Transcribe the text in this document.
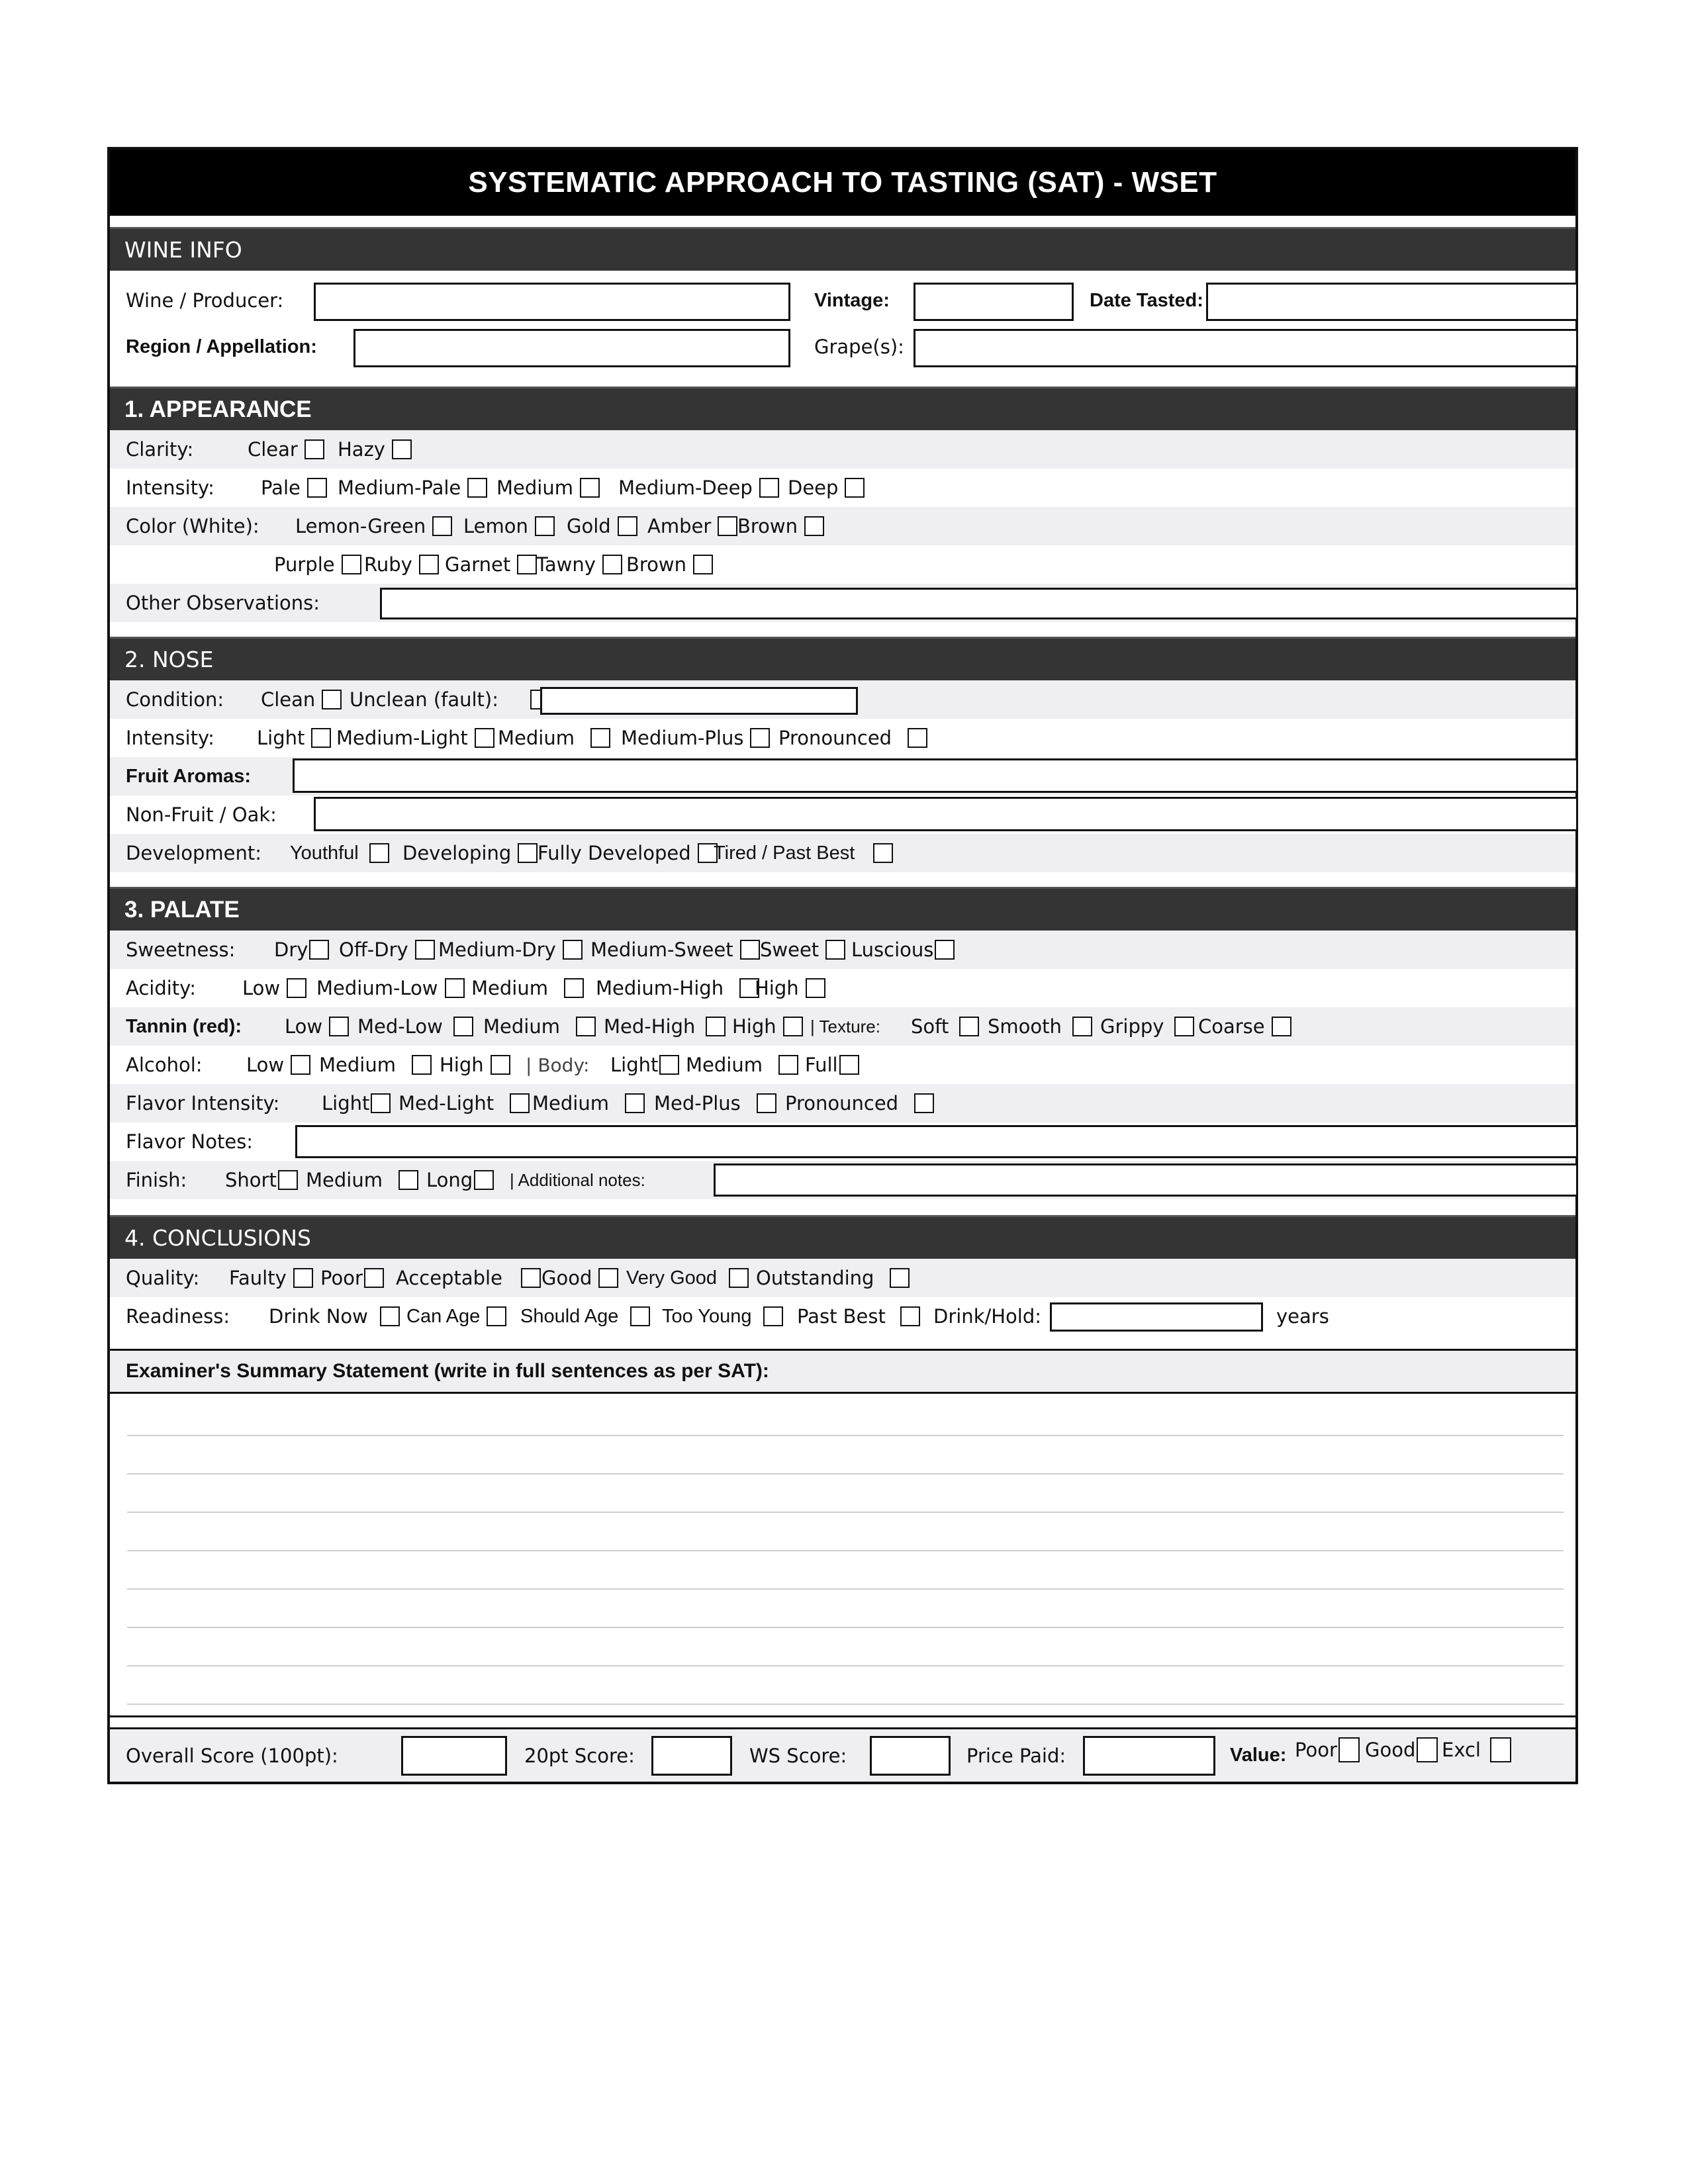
SYSTEMATIC APPROACH TO TASTING (SAT) - WSET
WINE INFO
Wine / Producer:	Vintage:	Date Tasted:
Region / Appellation:	Grape(s):
1. APPEARANCE
Clarity:	Clear Hazy
Intensity: Pale Medium-Pale Medium Medium-Deep Deep
Color (White): Lemon-Green Lemon Gold Amber Brown
Purple Ruby Garnet Tawny Brown
Other Observations:
2. NOSE
Condition: Clean Unclean (fault):
Intensity: Light Medium-Light Medium Medium-Plus Pronounced
Fruit Aromas:
Non-Fruit / Oak:
Development: Youthful Developing Fully Developed Tired / Past Best
3. PALATE
Sweetness: Dry Off-Dry Medium-Dry Medium-Sweet Sweet Luscious
Acidity: Low Medium-Low Medium Medium-High High
Tannin (red): Low Med-Low Medium Med-High High | Texture: Soft Smooth Grippy Coarse
Alcohol: Low Medium High | Body: Light Medium Full
Flavor Intensity: Light Med-Light Medium Med-Plus Pronounced
Flavor Notes:
Finish: Short Medium Long | Additional notes:
4. CONCLUSIONS
Quality: Faulty Poor Acceptable Good Very Good Outstanding
Readiness: Drink Now Can Age Should Age Too Young Past Best Drink/Hold:	years
Examiner's Summary Statement (write in full sentences as per SAT):
Overall Score (100pt):	20pt Score:	WS Score:	Price Paid:	Value: Poor Good Excl
